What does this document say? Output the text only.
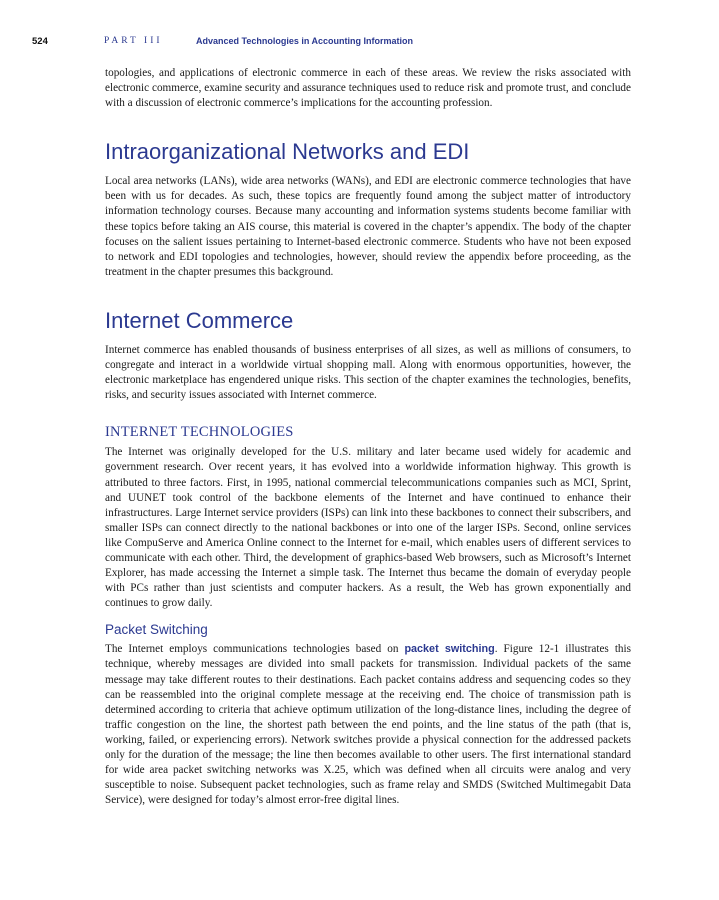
524	PART III	Advanced Technologies in Accounting Information

topologies, and applications of electronic commerce in each of these areas. We review the risks associated with electronic commerce, examine security and assurance techniques used to reduce risk and promote trust, and conclude with a discussion of electronic commerce’s implications for the accounting profession.

Intraorganizational Networks and EDI

Local area networks (LANs), wide area networks (WANs), and EDI are electronic commerce technologies that have been with us for decades. As such, these topics are frequently found among the subject matter of introductory information technology courses. Because many accounting and information systems students become familiar with these topics before taking an AIS course, this material is covered in the chapter’s appendix. The body of the chapter focuses on the salient issues pertaining to Internet-based electronic commerce. Students who have not been exposed to network and EDI topologies and technologies, however, should review the appendix before proceeding, as the treatment in the chapter presumes this background.

Internet Commerce

Internet commerce has enabled thousands of business enterprises of all sizes, as well as millions of consumers, to congregate and interact in a worldwide virtual shopping mall. Along with enormous opportunities, however, the electronic marketplace has engendered unique risks. This section of the chapter examines the technologies, benefits, risks, and security issues associated with Internet commerce.

INTERNET TECHNOLOGIES

The Internet was originally developed for the U.S. military and later became used widely for academic and government research. Over recent years, it has evolved into a worldwide information highway. This growth is attributed to three factors. First, in 1995, national commercial telecommunications companies such as MCI, Sprint, and UUNET took control of the backbone elements of the Internet and have continued to enhance their infrastructures. Large Internet service providers (ISPs) can link into these backbones to connect their subscribers, and smaller ISPs can connect directly to the national backbones or into one of the larger ISPs. Second, online services like CompuServe and America Online connect to the Internet for e-mail, which enables users of different services to communicate with each other. Third, the development of graphics-based Web browsers, such as Microsoft’s Internet Explorer, has made accessing the Internet a simple task. The Internet thus became the domain of everyday people with PCs rather than just scientists and computer hackers. As a result, the Web has grown exponentially and continues to grow daily.

Packet Switching

The Internet employs communications technologies based on packet switching. Figure 12-1 illustrates this technique, whereby messages are divided into small packets for transmission. Individual packets of the same message may take different routes to their destinations. Each packet contains address and sequencing codes so they can be reassembled into the original complete message at the receiving end. The choice of transmission path is determined according to criteria that achieve optimum utilization of the long-distance lines, including the degree of traffic congestion on the line, the shortest path between the end points, and the line status of the path (that is, working, failed, or experiencing errors). Network switches provide a physical connection for the addressed packets only for the duration of the message; the line then becomes available to other users. The first international standard for wide area packet switching networks was X.25, which was defined when all circuits were analog and very susceptible to noise. Subsequent packet technologies, such as frame relay and SMDS (Switched Multimegabit Data Service), were designed for today’s almost error-free digital lines.
